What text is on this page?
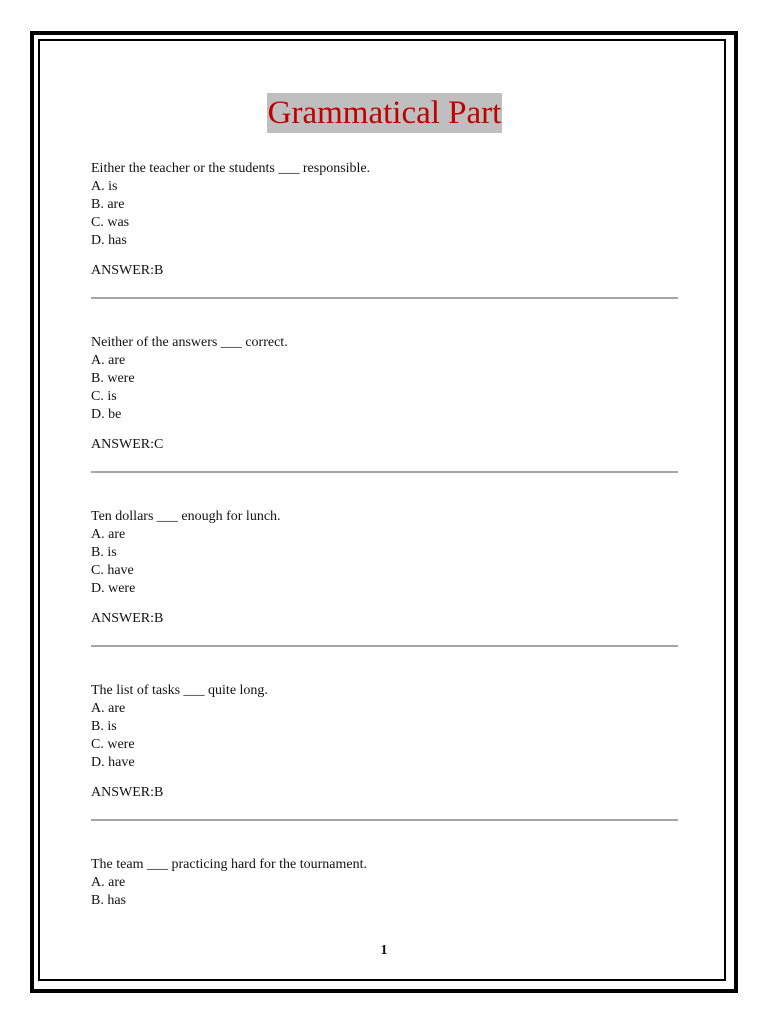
Grammatical Part
Either the teacher or the students ___ responsible.
A. is
B. are
C. was
D. has
ANSWER:B
Neither of the answers ___ correct.
A. are
B. were
C. is
D. be
ANSWER:C
Ten dollars ___ enough for lunch.
A. are
B. is
C. have
D. were
ANSWER:B
The list of tasks ___ quite long.
A. are
B. is
C. were
D. have
ANSWER:B
The team ___ practicing hard for the tournament.
A. are
B. has
1
